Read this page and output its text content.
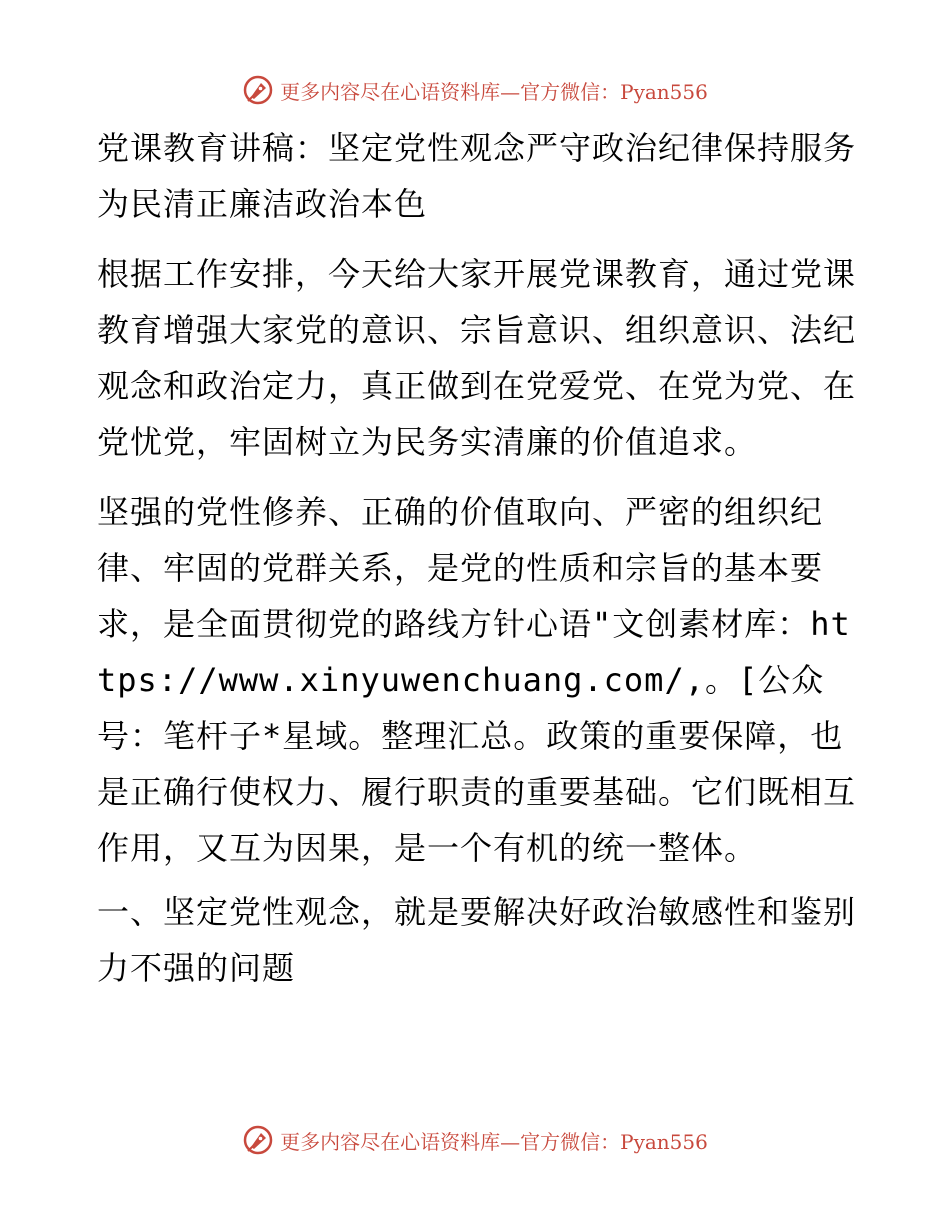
更多内容尽在心语资料库—官方微信：Pyan556

党课教育讲稿：坚定党性观念严守政治纪律保持服务为民清正廉洁政治本色

根据工作安排，今天给大家开展党课教育，通过党课教育增强大家党的意识、宗旨意识、组织意识、法纪观念和政治定力，真正做到在党爱党、在党为党、在党忧党，牢固树立为民务实清廉的价值追求。

坚强的党性修养、正确的价值取向、严密的组织纪律、牢固的党群关系，是党的性质和宗旨的基本要求，是全面贯彻党的路线方针心语"文创素材库：https://www.xinyuwenchuang.com/,。[公众号：笔杆子*星域。整理汇总。政策的重要保障，也是正确行使权力、履行职责的重要基础。它们既相互作用，又互为因果，是一个有机的统一整体。

一、坚定党性观念，就是要解决好政治敏感性和鉴别力不强的问题

更多内容尽在心语资料库—官方微信：Pyan556
